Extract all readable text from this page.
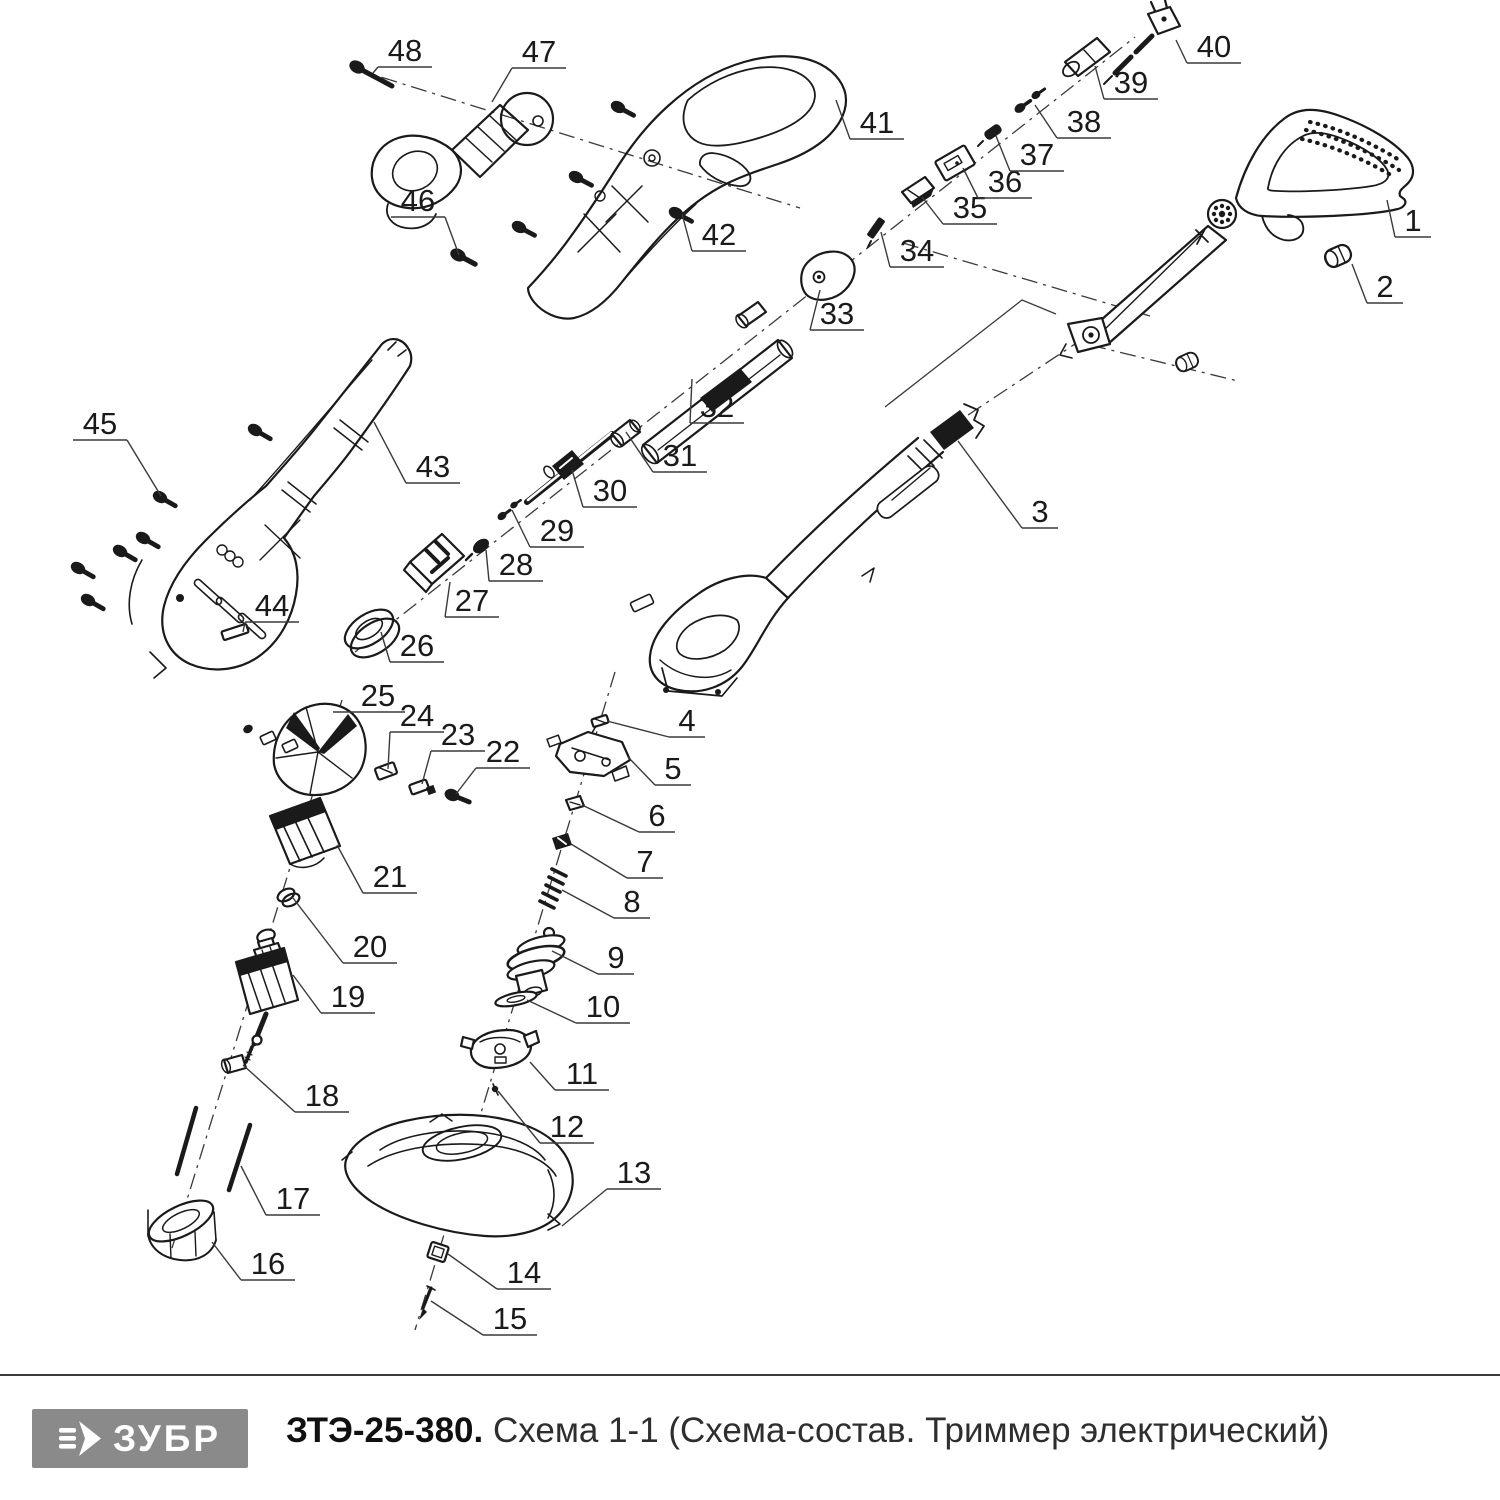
1
2
3
4
5
6
7
8
9
10
11
12
13
14
15
16
17
18
19
20
21
22
23
24
25
26
27
28
29
30
31
32
33
34
35
36
37
38
39
40
41
42
43
44
45
46
47
48
ЗУБР ЗТЭ-25-380. Схема 1-1 (Схема-состав. Триммер электрический)
